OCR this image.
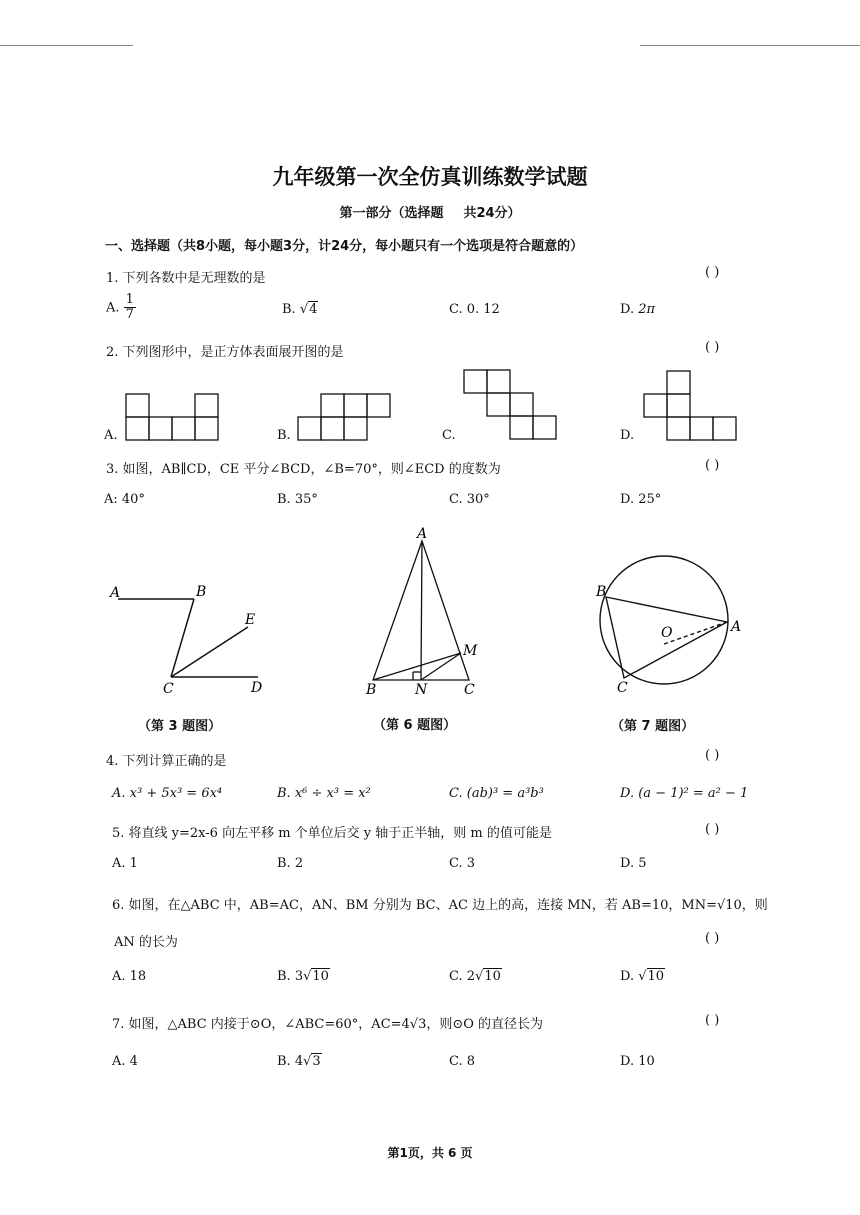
九年级第一次全仿真训练数学试题
第一部分（选择题 共24分）
一、选择题（共8小题，每小题3分，计24分，每小题只有一个选项是符合题意的）
1. 下列各数中是无理数的是	( )
A. $\frac{1}{7}$	B. √4	C. 0. 12	D. 2π
2. 下列图形中，是正方体表面展开图的是	( )
A.	B.	C.	D.
3. 如图，AB∥CD，CE 平分∠BCD，∠B=70°，则∠ECD 的度数为	( )
A: 40°	B. 35°	C. 30°	D. 25°
A	B
E
C	D
A
M
B	N	C
B
A
O
C
（第 3 题图）	（第 6 题图）	（第 7 题图）
4. 下列计算正确的是	( )
A. x³ + 5x³ = 6x⁴	B. x⁶ ÷ x³ = x²	C. (ab)³ = a³b³	D. (a − 1)² = a² − 1
5. 将直线 y=2x-6 向左平移 m 个单位后交 y 轴于正半轴，则 m 的值可能是	( )
A. 1	B. 2	C. 3	D. 5
6. 如图，在△ABC 中，AB=AC，AN、BM 分别为 BC、AC 边上的高，连接 MN，若 AB=10，MN=√10，则
AN 的长为	( )
A. 18	B. 3√10	C. 2√10	D. √10
7. 如图，△ABC 内接于⊙O，∠ABC=60°，AC=4√3，则⊙O 的直径长为	( )
A. 4	B. 4√3	C. 8	D. 10
第1页，共 6 页
